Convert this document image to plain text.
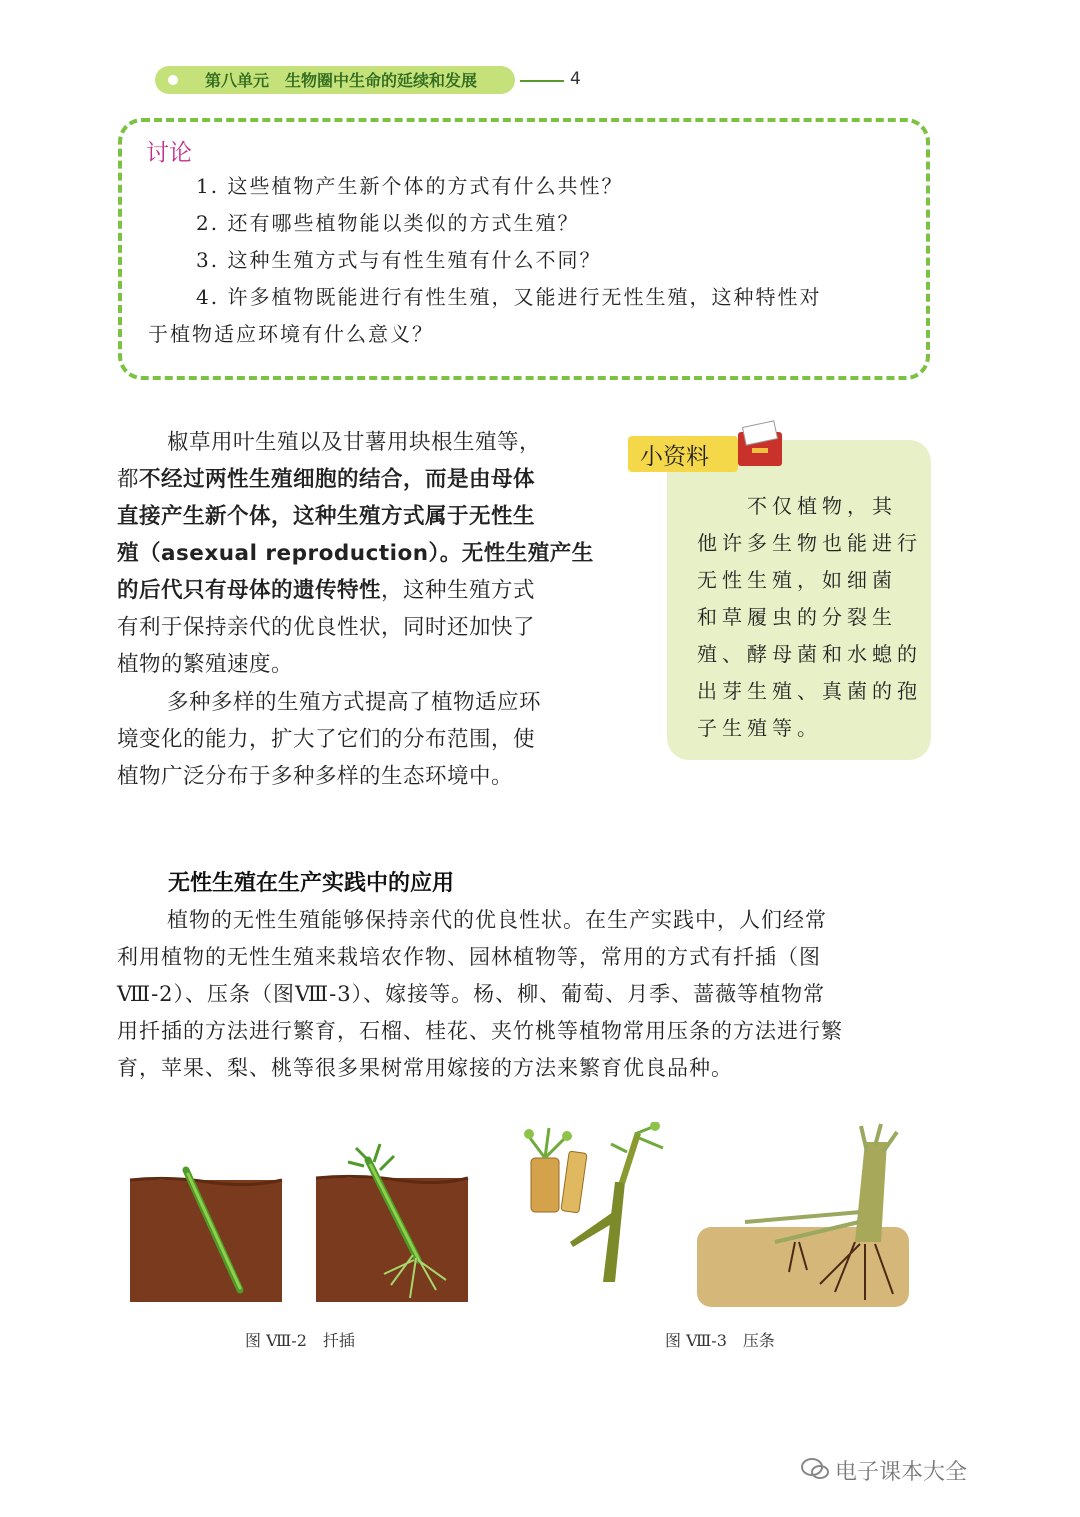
第八单元　生物圈中生命的延续和发展	4
讨论
1. 这些植物产生新个体的方式有什么共性？
2. 还有哪些植物能以类似的方式生殖？
3. 这种生殖方式与有性生殖有什么不同？
4. 许多植物既能进行有性生殖，又能进行无性生殖，这种特性对
于植物适应环境有什么意义？
椒草用叶生殖以及甘薯用块根生殖等，
都不经过两性生殖细胞的结合，而是由母体
直接产生新个体，这种生殖方式属于无性生
殖（asexual reproduction）。无性生殖产生
的后代只有母体的遗传特性，这种生殖方式
有利于保持亲代的优良性状，同时还加快了
植物的繁殖速度。
多种多样的生殖方式提高了植物适应环
境变化的能力，扩大了它们的分布范围，使
植物广泛分布于多种多样的生态环境中。
小资料
不仅植物，其
他许多生物也能进行
无性生殖，如细菌
和草履虫的分裂生
殖、酵母菌和水螅的
出芽生殖、真菌的孢
子生殖等。
无性生殖在生产实践中的应用
植物的无性生殖能够保持亲代的优良性状。在生产实践中，人们经常
利用植物的无性生殖来栽培农作物、园林植物等，常用的方式有扦插（图
Ⅷ-2）、压条（图Ⅷ-3）、嫁接等。杨、柳、葡萄、月季、蔷薇等植物常
用扦插的方法进行繁育，石榴、桂花、夹竹桃等植物常用压条的方法进行繁
育，苹果、梨、桃等很多果树常用嫁接的方法来繁育优良品种。
图 Ⅷ-2　扦插	图 Ⅷ-3　压条
电子课本大全
